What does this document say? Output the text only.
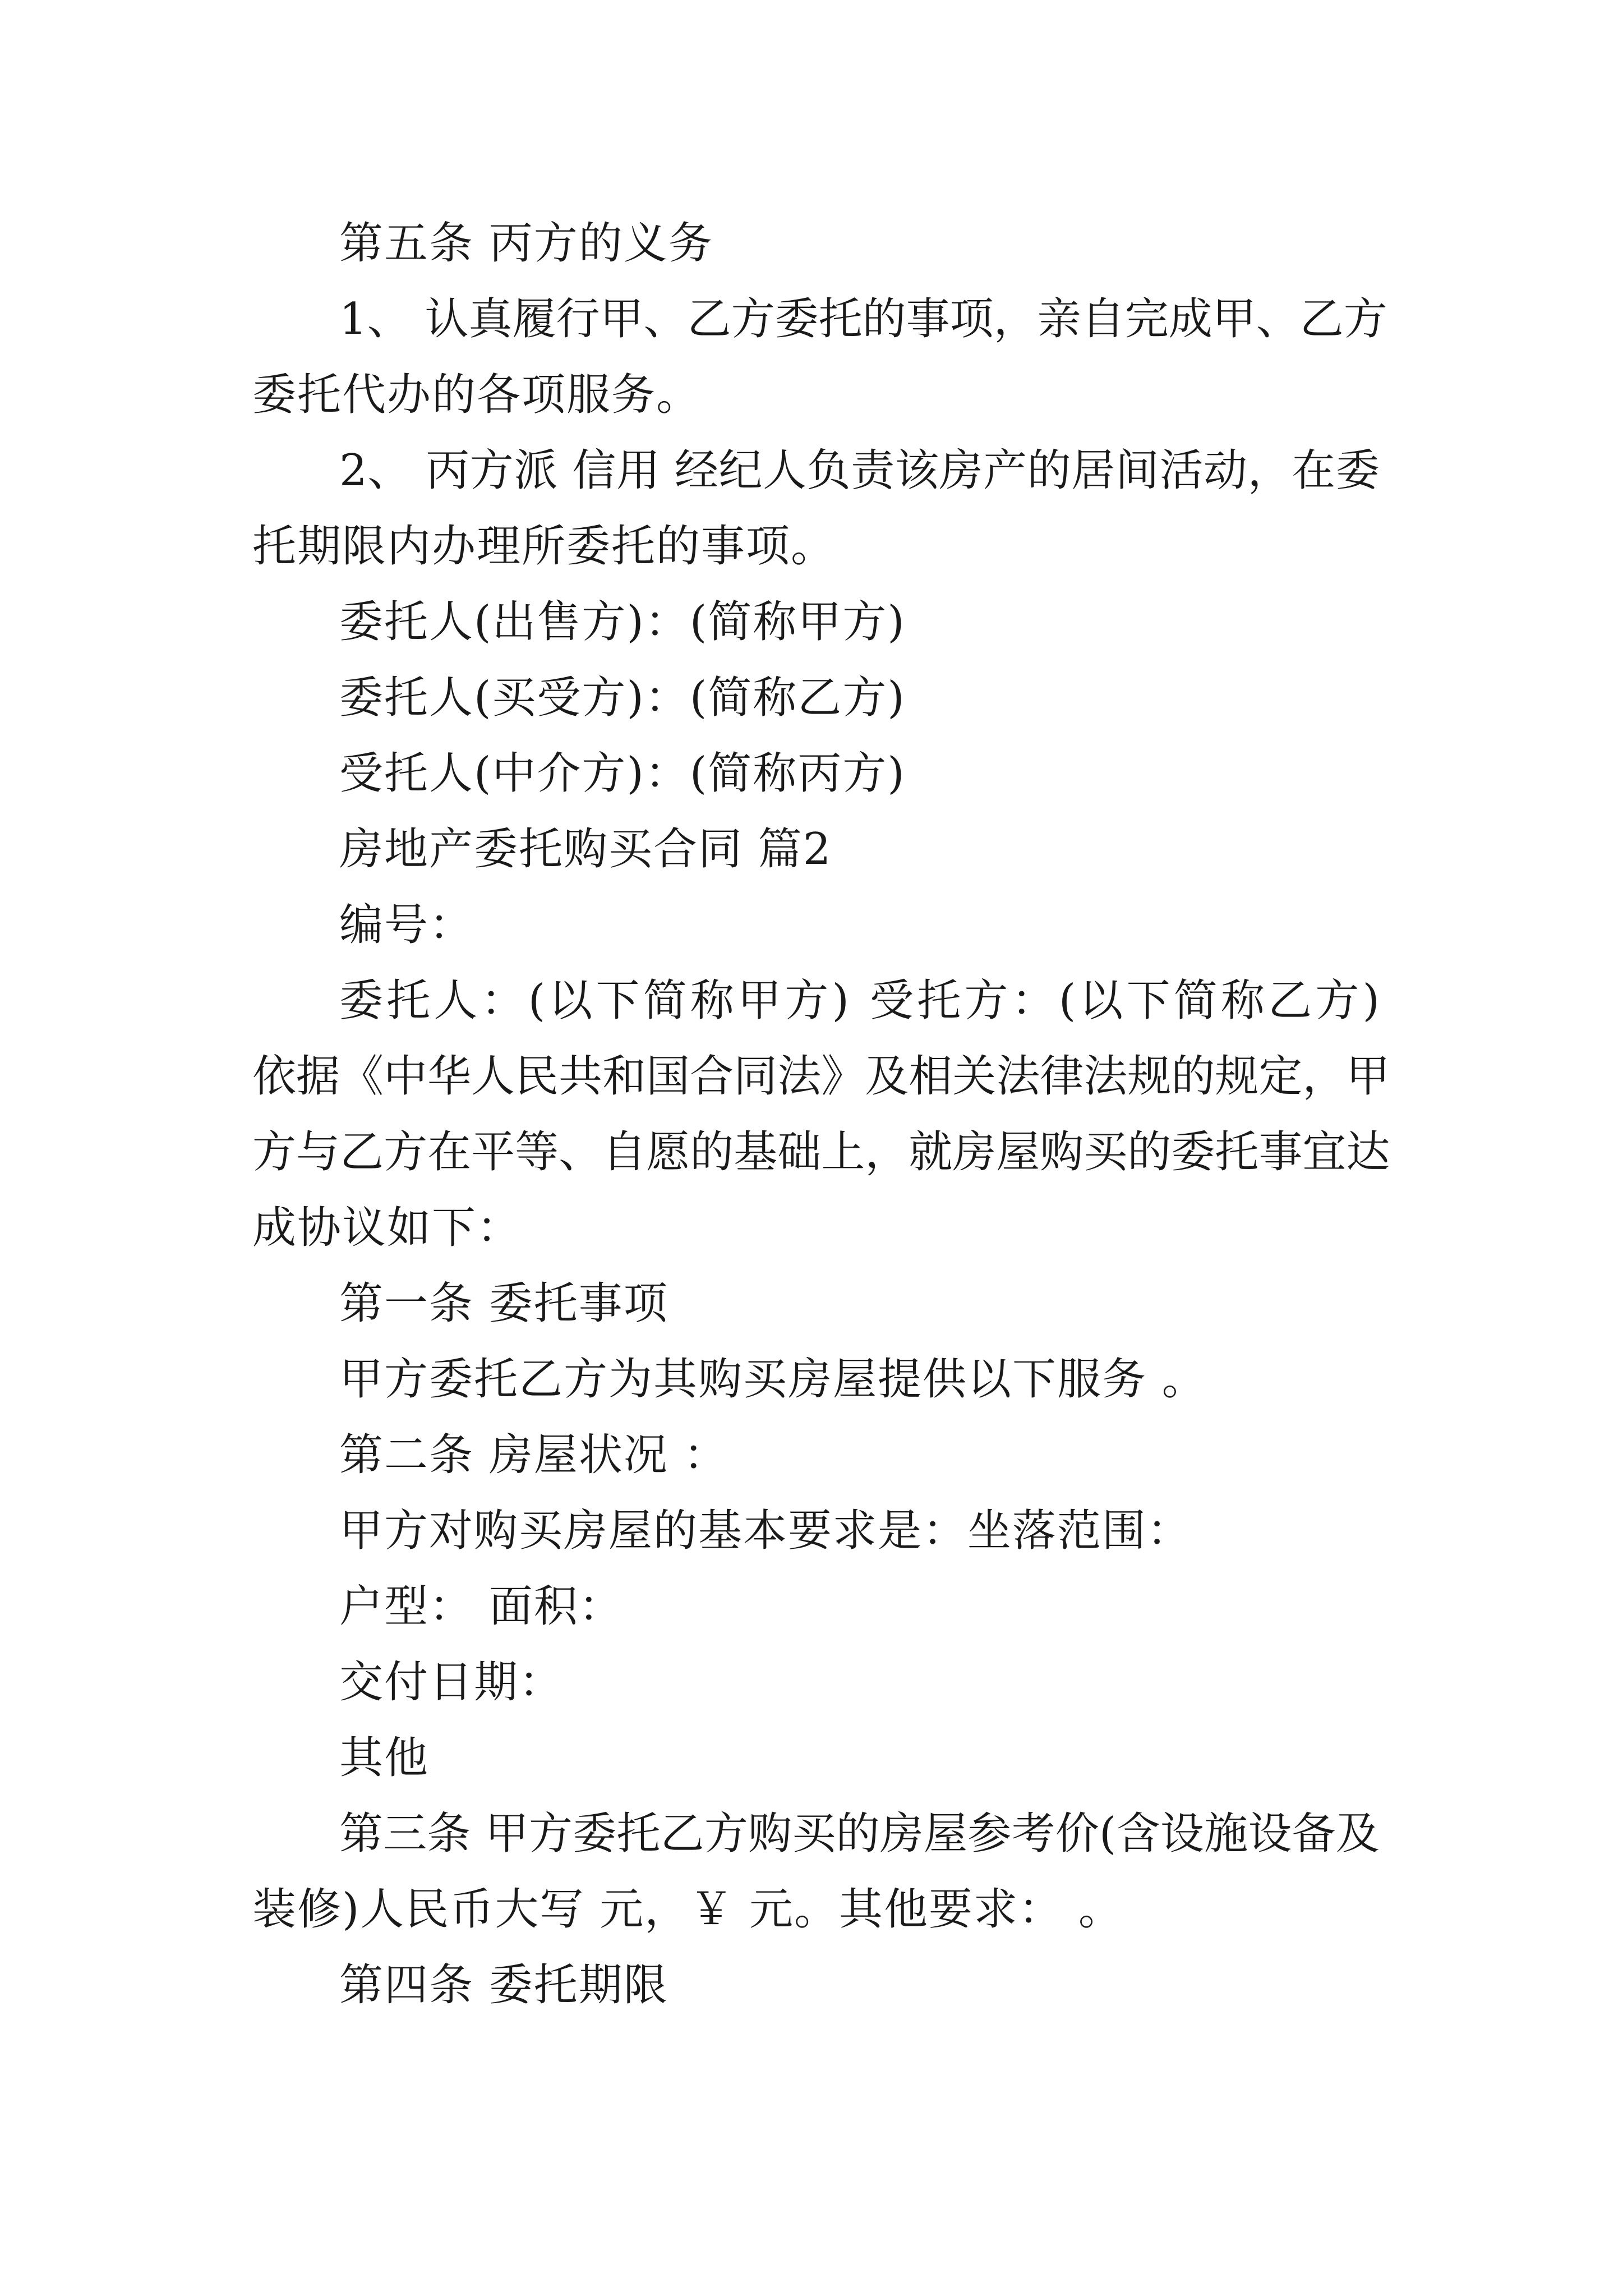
第五条 丙方的义务
1 、
认 真 履 行 甲 、 乙 方 委 托 的 事 项 ， 亲 自 完 成 甲 、 乙 方
委托代办的各项服务。
2 、
丙 方 派
信 用
经 纪 人 负 责 该 房 产 的 居 间 活 动 ， 在 委
托期限内办理所委托的事项。
委托人(出售方)：(简称甲方)
委托人(买受方)：(简称乙方)
受托人(中介方)：(简称丙方)
房地产委托购买合同 篇2
编号：
委 托 人 ： ( 以 下 简 称 甲 方 )
受 托 方 ： ( 以 下 简 称 乙 方 )
依 据 《 中 华 人 民 共 和 国 合 同 法 》 及 相 关 法 律 法 规 的 规 定 ， 甲
方 与 乙 方 在 平 等 、 自 愿 的 基 础 上 ， 就 房 屋 购 买 的 委 托 事 宜 达
成协议如下：
第一条 委托事项
甲方委托乙方为其购买房屋提供以下服务 。
第二条 房屋状况 ：
甲方对购买房屋的基本要求是：坐落范围：
户型： 面积：
交付日期：
其他
第 三 条
甲 方 委 托 乙 方 购 买 的 房 屋 参 考 价 ( 含 设 施 设 备 及
装修)人民币大写 元，￥ 元。其他要求： 。
第四条 委托期限
